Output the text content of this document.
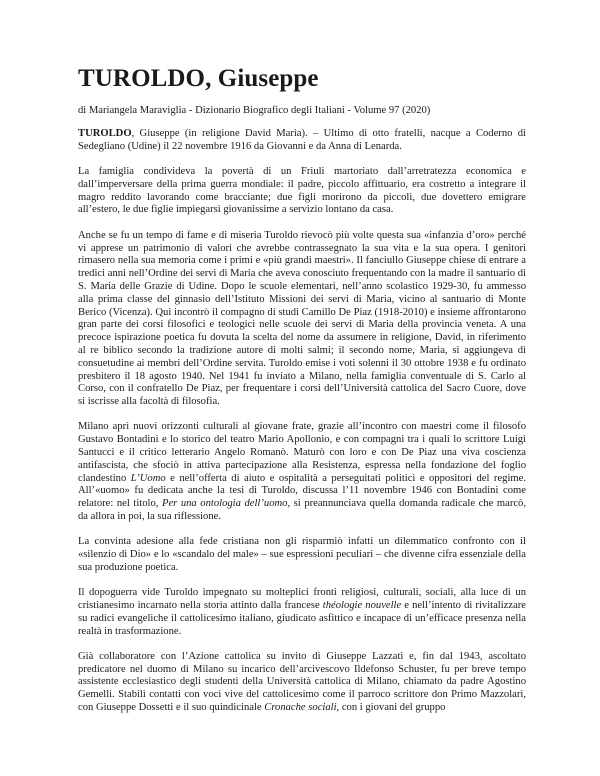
TUROLDO, Giuseppe

di Mariangela Maraviglia - Dizionario Biografico degli Italiani - Volume 97 (2020)

TUROLDO, Giuseppe (in religione David Maria). – Ultimo di otto fratelli, nacque a Coderno di Sedegliano (Udine) il 22 novembre 1916 da Giovanni e da Anna di Lenarda.

La famiglia condivideva la povertà di un Friuli martoriato dall’arretratezza economica e dall’imperversare della prima guerra mondiale: il padre, piccolo affittuario, era costretto a integrare il magro reddito lavorando come bracciante; due figli morirono da piccoli, due dovettero emigrare all’estero, le due figlie impiegarsi giovanissime a servizio lontano da casa.

Anche se fu un tempo di fame e di miseria Turoldo rievocò più volte questa sua «infanzia d’oro» perché vi apprese un patrimonio di valori che avrebbe contrassegnato la sua vita e la sua opera. I genitori rimasero nella sua memoria come i primi e «più grandi maestri». Il fanciullo Giuseppe chiese di entrare a tredici anni nell’Ordine dei servi di Maria che aveva conosciuto frequentando con la madre il santuario di S. Maria delle Grazie di Udine. Dopo le scuole elementari, nell’anno scolastico 1929-30, fu ammesso alla prima classe del ginnasio dell’Istituto Missioni dei servi di Maria, vicino al santuario di Monte Berico (Vicenza). Qui incontrò il compagno di studi Camillo De Piaz (1918-2010) e insieme affrontarono gran parte dei corsi filosofici e teologici nelle scuole dei servi di Maria della provincia veneta. A una precoce ispirazione poetica fu dovuta la scelta del nome da assumere in religione, David, in riferimento al re biblico secondo la tradizione autore di molti salmi; il secondo nome, Maria, si aggiungeva di consuetudine ai membri dell’Ordine servita. Turoldo emise i voti solenni il 30 ottobre 1938 e fu ordinato presbitero il 18 agosto 1940. Nel 1941 fu inviato a Milano, nella famiglia conventuale di S. Carlo al Corso, con il confratello De Piaz, per frequentare i corsi dell’Università cattolica del Sacro Cuore, dove si iscrisse alla facoltà di filosofia.

Milano aprì nuovi orizzonti culturali al giovane frate, grazie all’incontro con maestri come il filosofo Gustavo Bontadini e lo storico del teatro Mario Apollonio, e con compagni tra i quali lo scrittore Luigi Santucci e il critico letterario Angelo Romanò. Maturò con loro e con De Piaz una viva coscienza antifascista, che sfociò in attiva partecipazione alla Resistenza, espressa nella fondazione del foglio clandestino L’Uomo e nell’offerta di aiuto e ospitalità a perseguitati politici e oppositori del regime. All’«uomo» fu dedicata anche la tesi di Turoldo, discussa l’11 novembre 1946 con Bontadini come relatore: nel titolo, Per una ontologia dell’uomo, si preannunciava quella domanda radicale che marcò, da allora in poi, la sua riflessione.

La convinta adesione alla fede cristiana non gli risparmiò infatti un dilemmatico confronto con il «silenzio di Dio» e lo «scandalo del male» – sue espressioni peculiari – che divenne cifra essenziale della sua produzione poetica.

Il dopoguerra vide Turoldo impegnato su molteplici fronti religiosi, culturali, sociali, alla luce di un cristianesimo incarnato nella storia attinto dalla francese théologie nouvelle e nell’intento di rivitalizzare su radici evangeliche il cattolicesimo italiano, giudicato asfittico e incapace di un’efficace presenza nella realtà in trasformazione.

Già collaboratore con l’Azione cattolica su invito di Giuseppe Lazzati e, fin dal 1943, ascoltato predicatore nel duomo di Milano su incarico dell’arcivescovo Ildefonso Schuster, fu per breve tempo assistente ecclesiastico degli studenti della Università cattolica di Milano, chiamato da padre Agostino Gemelli. Stabilì contatti con voci vive del cattolicesimo come il parroco scrittore don Primo Mazzolari, con Giuseppe Dossetti e il suo quindicinale Cronache sociali, con i giovani del gruppo
